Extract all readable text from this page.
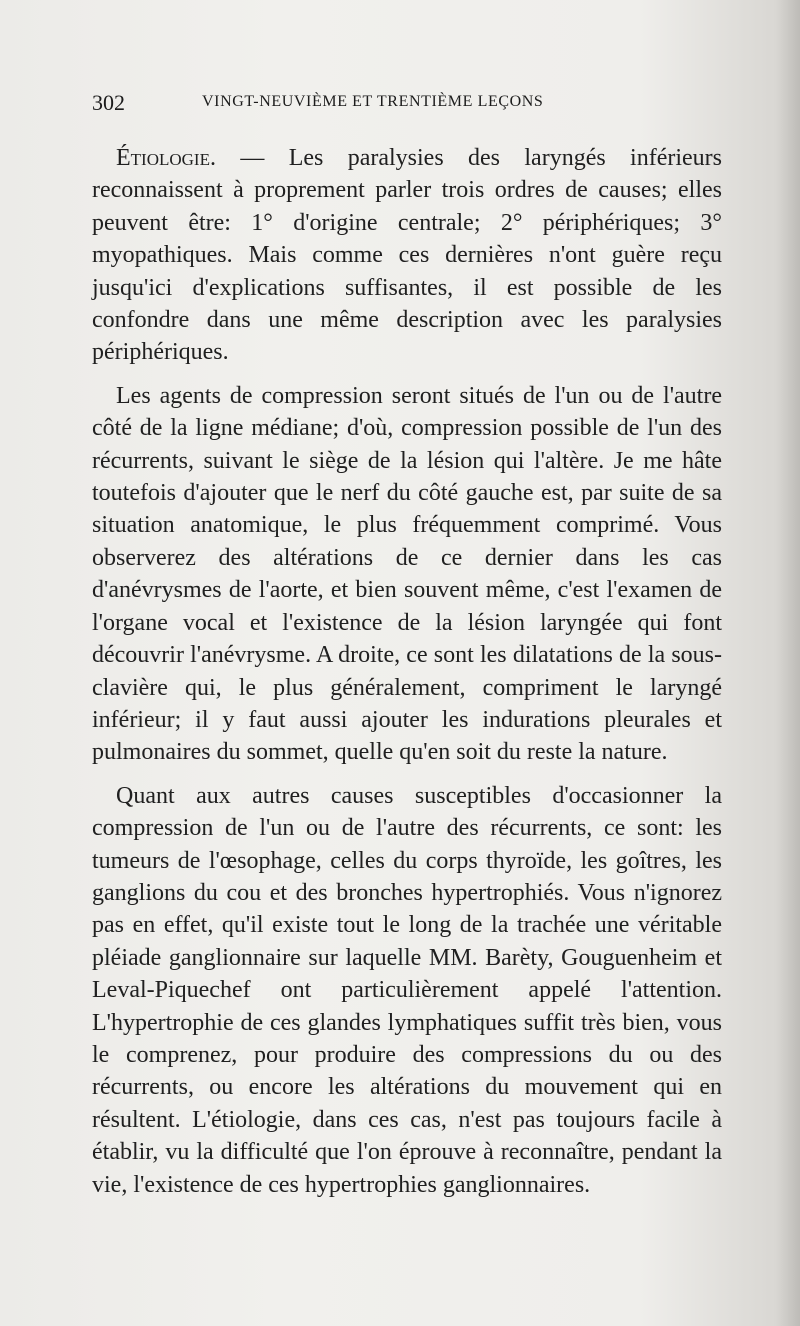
302	VINGT-NEUVIÈME ET TRENTIÈME LEÇONS

Étiologie. — Les paralysies des laryngés inférieurs reconnaissent à proprement parler trois ordres de causes; elles peuvent être: 1° d'origine centrale; 2° périphériques; 3° myopathiques. Mais comme ces dernières n'ont guère reçu jusqu'ici d'explications suffisantes, il est possible de les confondre dans une même description avec les paralysies périphériques.

Les agents de compression seront situés de l'un ou de l'autre côté de la ligne médiane; d'où, compression possible de l'un des récurrents, suivant le siège de la lésion qui l'altère. Je me hâte toutefois d'ajouter que le nerf du côté gauche est, par suite de sa situation anatomique, le plus fréquemment comprimé. Vous observerez des altérations de ce dernier dans les cas d'anévrysmes de l'aorte, et bien souvent même, c'est l'examen de l'organe vocal et l'existence de la lésion laryngée qui font découvrir l'anévrysme. A droite, ce sont les dilatations de la sous-clavière qui, le plus généralement, compriment le laryngé inférieur; il y faut aussi ajouter les indurations pleurales et pulmonaires du sommet, quelle qu'en soit du reste la nature.

Quant aux autres causes susceptibles d'occasionner la compression de l'un ou de l'autre des récurrents, ce sont: les tumeurs de l'œsophage, celles du corps thyroïde, les goîtres, les ganglions du cou et des bronches hypertrophiés. Vous n'ignorez pas en effet, qu'il existe tout le long de la trachée une véritable pléiade ganglionnaire sur laquelle MM. Barèty, Gouguenheim et Leval-Piquechef ont particulièrement appelé l'attention. L'hypertrophie de ces glandes lymphatiques suffit très bien, vous le comprenez, pour produire des compressions du ou des récurrents, ou encore les altérations du mouvement qui en résultent. L'étiologie, dans ces cas, n'est pas toujours facile à établir, vu la difficulté que l'on éprouve à reconnaître, pendant la vie, l'existence de ces hypertrophies ganglionnaires.
